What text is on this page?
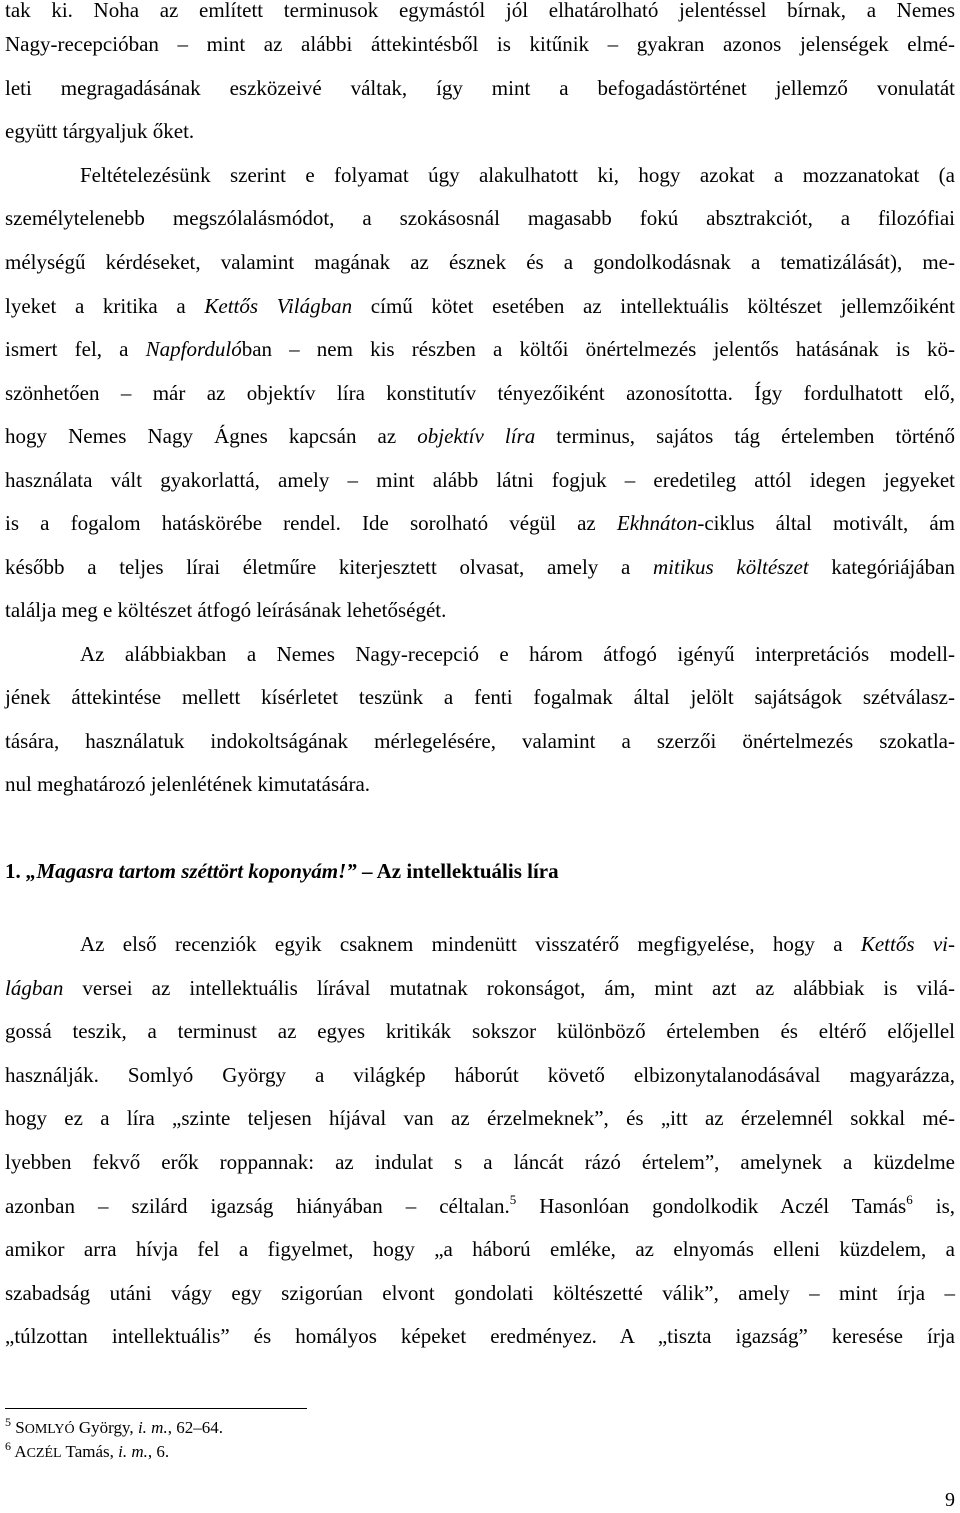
tak ki. Noha az említett terminusok egymástól jól elhatárolható jelentéssel bírnak, a Nemes
Nagy-recepcióban – mint az alábbi áttekintésből is kitűnik – gyakran azonos jelenségek elmé-
leti megragadásának eszközeivé váltak, így mint a befogadástörténet jellemző vonulatát
együtt tárgyaljuk őket.
Feltételezésünk szerint e folyamat úgy alakulhatott ki, hogy azokat a mozzanatokat (a
személytelenebb megszólalásmódot, a szokásosnál magasabb fokú absztrakciót, a filozófiai
mélységű kérdéseket, valamint magának az észnek és a gondolkodásnak a tematizálását), me-
lyeket a kritika a Kettős Világban című kötet esetében az intellektuális költészet jellemzőiként
ismert fel, a Napfordulóban – nem kis részben a költői önértelmezés jelentős hatásának is kö-
szönhetően – már az objektív líra konstitutív tényezőiként azonosította. Így fordulhatott elő,
hogy Nemes Nagy Ágnes kapcsán az objektív líra terminus, sajátos tág értelemben történő
használata vált gyakorlattá, amely – mint alább látni fogjuk – eredetileg attól idegen jegyeket
is a fogalom hatáskörébe rendel. Ide sorolható végül az Ekhnáton-ciklus által motivált, ám
később a teljes lírai életműre kiterjesztett olvasat, amely a mitikus költészet kategóriájában
találja meg e költészet átfogó leírásának lehetőségét.
Az alábbiakban a Nemes Nagy-recepció e három átfogó igényű interpretációs modell-
jének áttekintése mellett kísérletet teszünk a fenti fogalmak által jelölt sajátságok szétválasz-
tására, használatuk indokoltságának mérlegelésére, valamint a szerzői önértelmezés szokatla-
nul meghatározó jelenlétének kimutatására.
1. „Magasra tartom széttört koponyám!” – Az intellektuális líra
Az első recenziók egyik csaknem mindenütt visszatérő megfigyelése, hogy a Kettős vi-
lágban versei az intellektuális lírával mutatnak rokonságot, ám, mint azt az alábbiak is vilá-
gossá teszik, a terminust az egyes kritikák sokszor különböző értelemben és eltérő előjellel
használják. Somlyó György a világkép háborút követő elbizonytalanodásával magyarázza,
hogy ez a líra „szinte teljesen híjával van az érzelmeknek”, és „itt az érzelemnél sokkal mé-
lyebben fekvő erők roppannak: az indulat s a láncát rázó értelem”, amelynek a küzdelme
azonban – szilárd igazság hiányában – céltalan.$^5$ Hasonlóan gondolkodik Aczél Tamás$^6$ is,
amikor arra hívja fel a figyelmet, hogy „a háború emléke, az elnyomás elleni küzdelem, a
szabadság utáni vágy egy szigorúan elvont gondolati költészetté válik”, amely – mint írja –
„túlzottan intellektuális” és homályos képeket eredményez. A „tiszta igazság” keresése írja
$^5$ SOMLYÓ György, i. m., 62–64.
$^6$ ACZÉL Tamás, i. m., 6.
9
